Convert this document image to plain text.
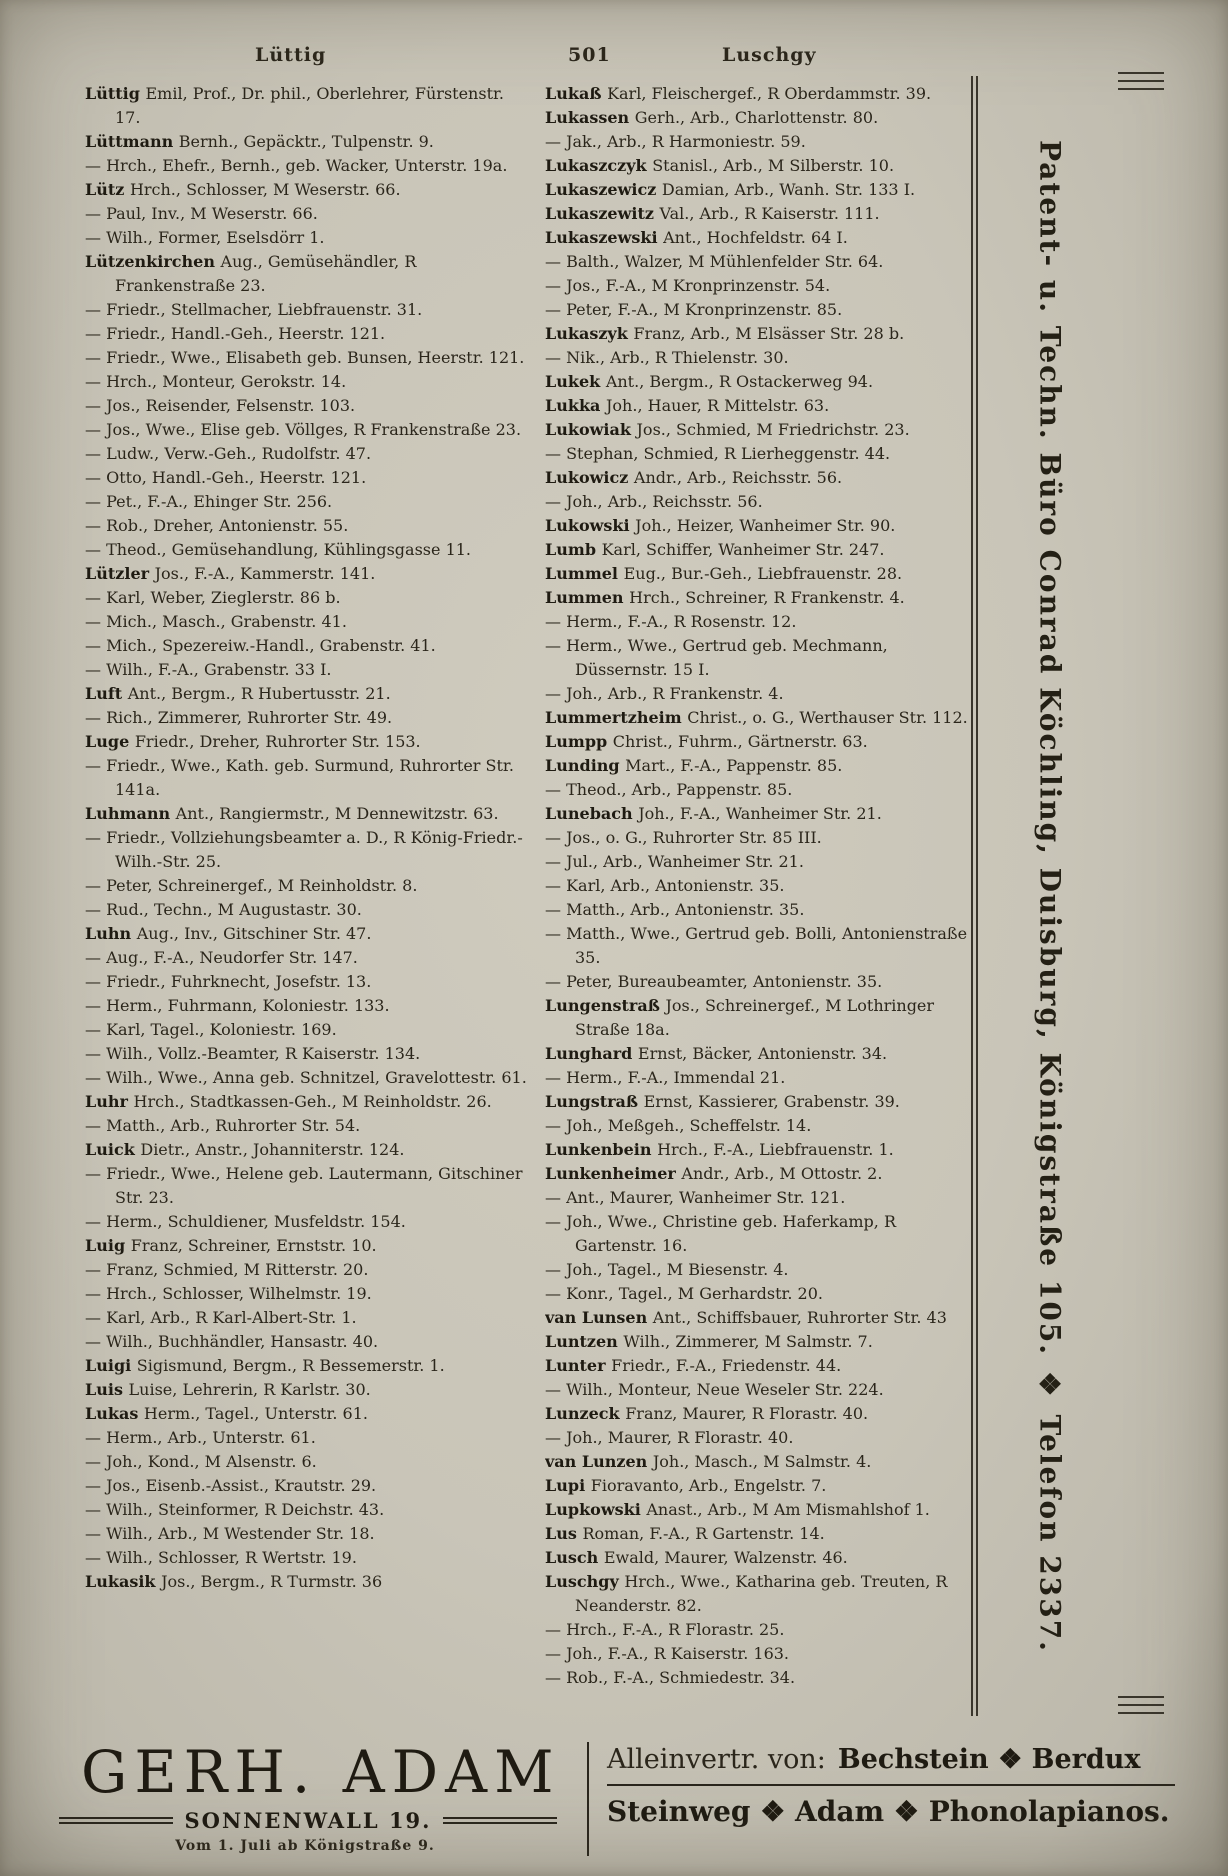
Lüttig	501	Luschgy

Lüttig Emil, Prof., Dr. phil., Oberlehrer, Fürstenstr. 17.

Lüttmann Bernh., Gepäcktr., Tulpenstr. 9.

— Hrch., Ehefr., Bernh., geb. Wacker, Unterstr. 19a.

Lütz Hrch., Schlosser, M Weserstr. 66.

— Paul, Inv., M Weserstr. 66.

— Wilh., Former, Eselsdörr 1.

Lützenkirchen Aug., Gemüsehändler, R Frankenstraße 23.

— Friedr., Stellmacher, Liebfrauenstr. 31.

— Friedr., Handl.-Geh., Heerstr. 121.

— Friedr., Wwe., Elisabeth geb. Bunsen, Heerstr. 121.

— Hrch., Monteur, Gerokstr. 14.

— Jos., Reisender, Felsenstr. 103.

— Jos., Wwe., Elise geb. Völlges, R Frankenstraße 23.

— Ludw., Verw.-Geh., Rudolfstr. 47.

— Otto, Handl.-Geh., Heerstr. 121.

— Pet., F.-A., Ehinger Str. 256.

— Rob., Dreher, Antonienstr. 55.

— Theod., Gemüsehandlung, Kühlingsgasse 11.

Lützler Jos., F.-A., Kammerstr. 141.

— Karl, Weber, Zieglerstr. 86 b.

— Mich., Masch., Grabenstr. 41.

— Mich., Spezereiw.-Handl., Grabenstr. 41.

— Wilh., F.-A., Grabenstr. 33 I.

Luft Ant., Bergm., R Hubertusstr. 21.

— Rich., Zimmerer, Ruhrorter Str. 49.

Luge Friedr., Dreher, Ruhrorter Str. 153.

— Friedr., Wwe., Kath. geb. Surmund, Ruhrorter Str. 141a.

Luhmann Ant., Rangiermstr., M Dennewitzstr. 63.

— Friedr., Vollziehungsbeamter a. D., R König-Friedr.-Wilh.-Str. 25.

— Peter, Schreinergef., M Reinholdstr. 8.

— Rud., Techn., M Augustastr. 30.

Luhn Aug., Inv., Gitschiner Str. 47.

— Aug., F.-A., Neudorfer Str. 147.

— Friedr., Fuhrknecht, Josefstr. 13.

— Herm., Fuhrmann, Koloniestr. 133.

— Karl, Tagel., Koloniestr. 169.

— Wilh., Vollz.-Beamter, R Kaiserstr. 134.

— Wilh., Wwe., Anna geb. Schnitzel, Gravelottestr. 61.

Luhr Hrch., Stadtkassen-Geh., M Reinholdstr. 26.

— Matth., Arb., Ruhrorter Str. 54.

Luick Dietr., Anstr., Johanniterstr. 124.

— Friedr., Wwe., Helene geb. Lautermann, Gitschiner Str. 23.

— Herm., Schuldiener, Musfeldstr. 154.

Luig Franz, Schreiner, Ernststr. 10.

— Franz, Schmied, M Ritterstr. 20.

— Hrch., Schlosser, Wilhelmstr. 19.

— Karl, Arb., R Karl-Albert-Str. 1.

— Wilh., Buchhändler, Hansastr. 40.

Luigi Sigismund, Bergm., R Bessemerstr. 1.

Luis Luise, Lehrerin, R Karlstr. 30.

Lukas Herm., Tagel., Unterstr. 61.

— Herm., Arb., Unterstr. 61.

— Joh., Kond., M Alsenstr. 6.

— Jos., Eisenb.-Assist., Krautstr. 29.

— Wilh., Steinformer, R Deichstr. 43.

— Wilh., Arb., M Westender Str. 18.

— Wilh., Schlosser, R Wertstr. 19.

Lukasik Jos., Bergm., R Turmstr. 36

Lukaß Karl, Fleischergef., R Oberdammstr. 39.

Lukassen Gerh., Arb., Charlottenstr. 80.

— Jak., Arb., R Harmoniestr. 59.

Lukaszczyk Stanisl., Arb., M Silberstr. 10.

Lukaszewicz Damian, Arb., Wanh. Str. 133 I.

Lukaszewitz Val., Arb., R Kaiserstr. 111.

Lukaszewski Ant., Hochfeldstr. 64 I.

— Balth., Walzer, M Mühlenfelder Str. 64.

— Jos., F.-A., M Kronprinzenstr. 54.

— Peter, F.-A., M Kronprinzenstr. 85.

Lukaszyk Franz, Arb., M Elsässer Str. 28 b.

— Nik., Arb., R Thielenstr. 30.

Lukek Ant., Bergm., R Ostackerweg 94.

Lukka Joh., Hauer, R Mittelstr. 63.

Lukowiak Jos., Schmied, M Friedrichstr. 23.

— Stephan, Schmied, R Lierheggenstr. 44.

Lukowicz Andr., Arb., Reichsstr. 56.

— Joh., Arb., Reichsstr. 56.

Lukowski Joh., Heizer, Wanheimer Str. 90.

Lumb Karl, Schiffer, Wanheimer Str. 247.

Lummel Eug., Bur.-Geh., Liebfrauenstr. 28.

Lummen Hrch., Schreiner, R Frankenstr. 4.

— Herm., F.-A., R Rosenstr. 12.

— Herm., Wwe., Gertrud geb. Mechmann, Düssernstr. 15 I.

— Joh., Arb., R Frankenstr. 4.

Lummertzheim Christ., o. G., Werthauser Str. 112.

Lumpp Christ., Fuhrm., Gärtnerstr. 63.

Lunding Mart., F.-A., Pappenstr. 85.

— Theod., Arb., Pappenstr. 85.

Lunebach Joh., F.-A., Wanheimer Str. 21.

— Jos., o. G., Ruhrorter Str. 85 III.

— Jul., Arb., Wanheimer Str. 21.

— Karl, Arb., Antonienstr. 35.

— Matth., Arb., Antonienstr. 35.

— Matth., Wwe., Gertrud geb. Bolli, Antonienstraße 35.

— Peter, Bureaubeamter, Antonienstr. 35.

Lungenstraß Jos., Schreinergef., M Lothringer Straße 18a.

Lunghard Ernst, Bäcker, Antonienstr. 34.

— Herm., F.-A., Immendal 21.

Lungstraß Ernst, Kassierer, Grabenstr. 39.

— Joh., Meßgeh., Scheffelstr. 14.

Lunkenbein Hrch., F.-A., Liebfrauenstr. 1.

Lunkenheimer Andr., Arb., M Ottostr. 2.

— Ant., Maurer, Wanheimer Str. 121.

— Joh., Wwe., Christine geb. Haferkamp, R Gartenstr. 16.

— Joh., Tagel., M Biesenstr. 4.

— Konr., Tagel., M Gerhardstr. 20.

van Lunsen Ant., Schiffsbauer, Ruhrorter Str. 43

Luntzen Wilh., Zimmerer, M Salmstr. 7.

Lunter Friedr., F.-A., Friedenstr. 44.

— Wilh., Monteur, Neue Weseler Str. 224.

Lunzeck Franz, Maurer, R Florastr. 40.

— Joh., Maurer, R Florastr. 40.

van Lunzen Joh., Masch., M Salmstr. 4.

Lupi Fioravanto, Arb., Engelstr. 7.

Lupkowski Anast., Arb., M Am Mismahlshof 1.

Lus Roman, F.-A., R Gartenstr. 14.

Lusch Ewald, Maurer, Walzenstr. 46.

Luschgy Hrch., Wwe., Katharina geb. Treuten, R Neanderstr. 82.

— Hrch., F.-A., R Florastr. 25.

— Joh., F.-A., R Kaiserstr. 163.

— Rob., F.-A., Schmiedestr. 34.

Patent- u. Techn. Büro Conrad Köchling, Duisburg, Königstraße 105. ❖ Telefon 2337.
GERH. ADAM
SONNENWALL 19.
Vom 1. Juli ab Königstraße 9.
Alleinvertr. von: Bechstein ❖ Berdux
Steinweg ❖ Adam ❖ Phonolapianos.
